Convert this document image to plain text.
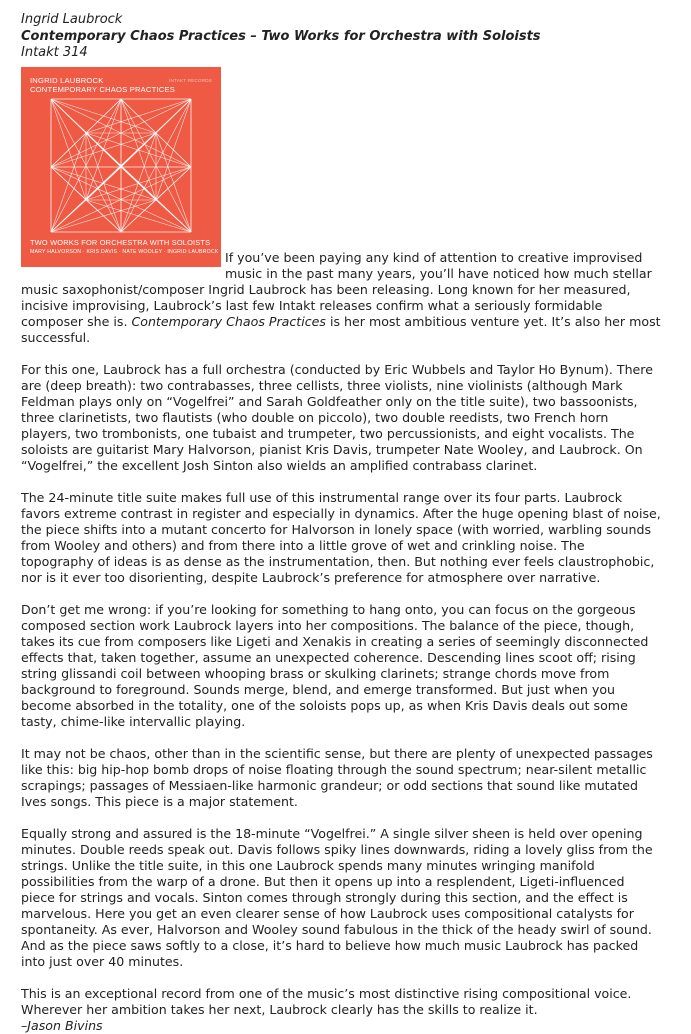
Ingrid Laubrock

Contemporary Chaos Practices – Two Works for Orchestra with Soloists

Intakt 314

INGRID LAUBROCK
CONTEMPORARY CHAOS PRACTICES
INTAKT RECORDS
TWO WORKS FOR ORCHESTRA WITH SOLOISTS
MARY HALVORSON · KRIS DAVIS · NATE WOOLEY · INGRID LAUBROCK If you’ve been paying any kind of attention to creative improvised music in the past many years, you’ll have noticed how much stellar music saxophonist/composer Ingrid Laubrock has been releasing. Long known for her measured, incisive improvising, Laubrock’s last few Intakt releases confirm what a seriously formidable composer she is. Contemporary Chaos Practices is her most ambitious venture yet. It’s also her most successful.

For this one, Laubrock has a full orchestra (conducted by Eric Wubbels and Taylor Ho Bynum). There are (deep breath): two contrabasses, three cellists, three violists, nine violinists (although Mark Feldman plays only on “Vogelfrei” and Sarah Goldfeather only on the title suite), two bassoonists, three clarinetists, two flautists (who double on piccolo), two double reedists, two French horn players, two trombonists, one tubaist and trumpeter, two percussionists, and eight vocalists. The soloists are guitarist Mary Halvorson, pianist Kris Davis, trumpeter Nate Wooley, and Laubrock. On “Vogelfrei,” the excellent Josh Sinton also wields an amplified contrabass clarinet.

The 24-minute title suite makes full use of this instrumental range over its four parts. Laubrock favors extreme contrast in register and especially in dynamics. After the huge opening blast of noise, the piece shifts into a mutant concerto for Halvorson in lonely space (with worried, warbling sounds from Wooley and others) and from there into a little grove of wet and crinkling noise. The topography of ideas is as dense as the instrumentation, then. But nothing ever feels claustrophobic, nor is it ever too disorienting, despite Laubrock’s preference for atmosphere over narrative.

Don’t get me wrong: if you’re looking for something to hang onto, you can focus on the gorgeous composed section work Laubrock layers into her compositions. The balance of the piece, though, takes its cue from composers like Ligeti and Xenakis in creating a series of seemingly disconnected effects that, taken together, assume an unexpected coherence. Descending lines scoot off; rising string glissandi coil between whooping brass or skulking clarinets; strange chords move from background to foreground. Sounds merge, blend, and emerge transformed. But just when you become absorbed in the totality, one of the soloists pops up, as when Kris Davis deals out some tasty, chime-like intervallic playing.

It may not be chaos, other than in the scientific sense, but there are plenty of unexpected passages like this: big hip-hop bomb drops of noise floating through the sound spectrum; near-silent metallic scrapings; passages of Messiaen-like harmonic grandeur; or odd sections that sound like mutated Ives songs. This piece is a major statement.

Equally strong and assured is the 18-minute “Vogelfrei.” A single silver sheen is held over opening minutes. Double reeds speak out. Davis follows spiky lines downwards, riding a lovely gliss from the strings. Unlike the title suite, in this one Laubrock spends many minutes wringing manifold possibilities from the warp of a drone. But then it opens up into a resplendent, Ligeti-influenced piece for strings and vocals. Sinton comes through strongly during this section, and the effect is marvelous. Here you get an even clearer sense of how Laubrock uses compositional catalysts for spontaneity. As ever, Halvorson and Wooley sound fabulous in the thick of the heady swirl of sound. And as the piece saws softly to a close, it’s hard to believe how much music Laubrock has packed into just over 40 minutes.

This is an exceptional record from one of the music’s most distinctive rising compositional voice. Wherever her ambition takes her next, Laubrock clearly has the skills to realize it.
–Jason Bivins
